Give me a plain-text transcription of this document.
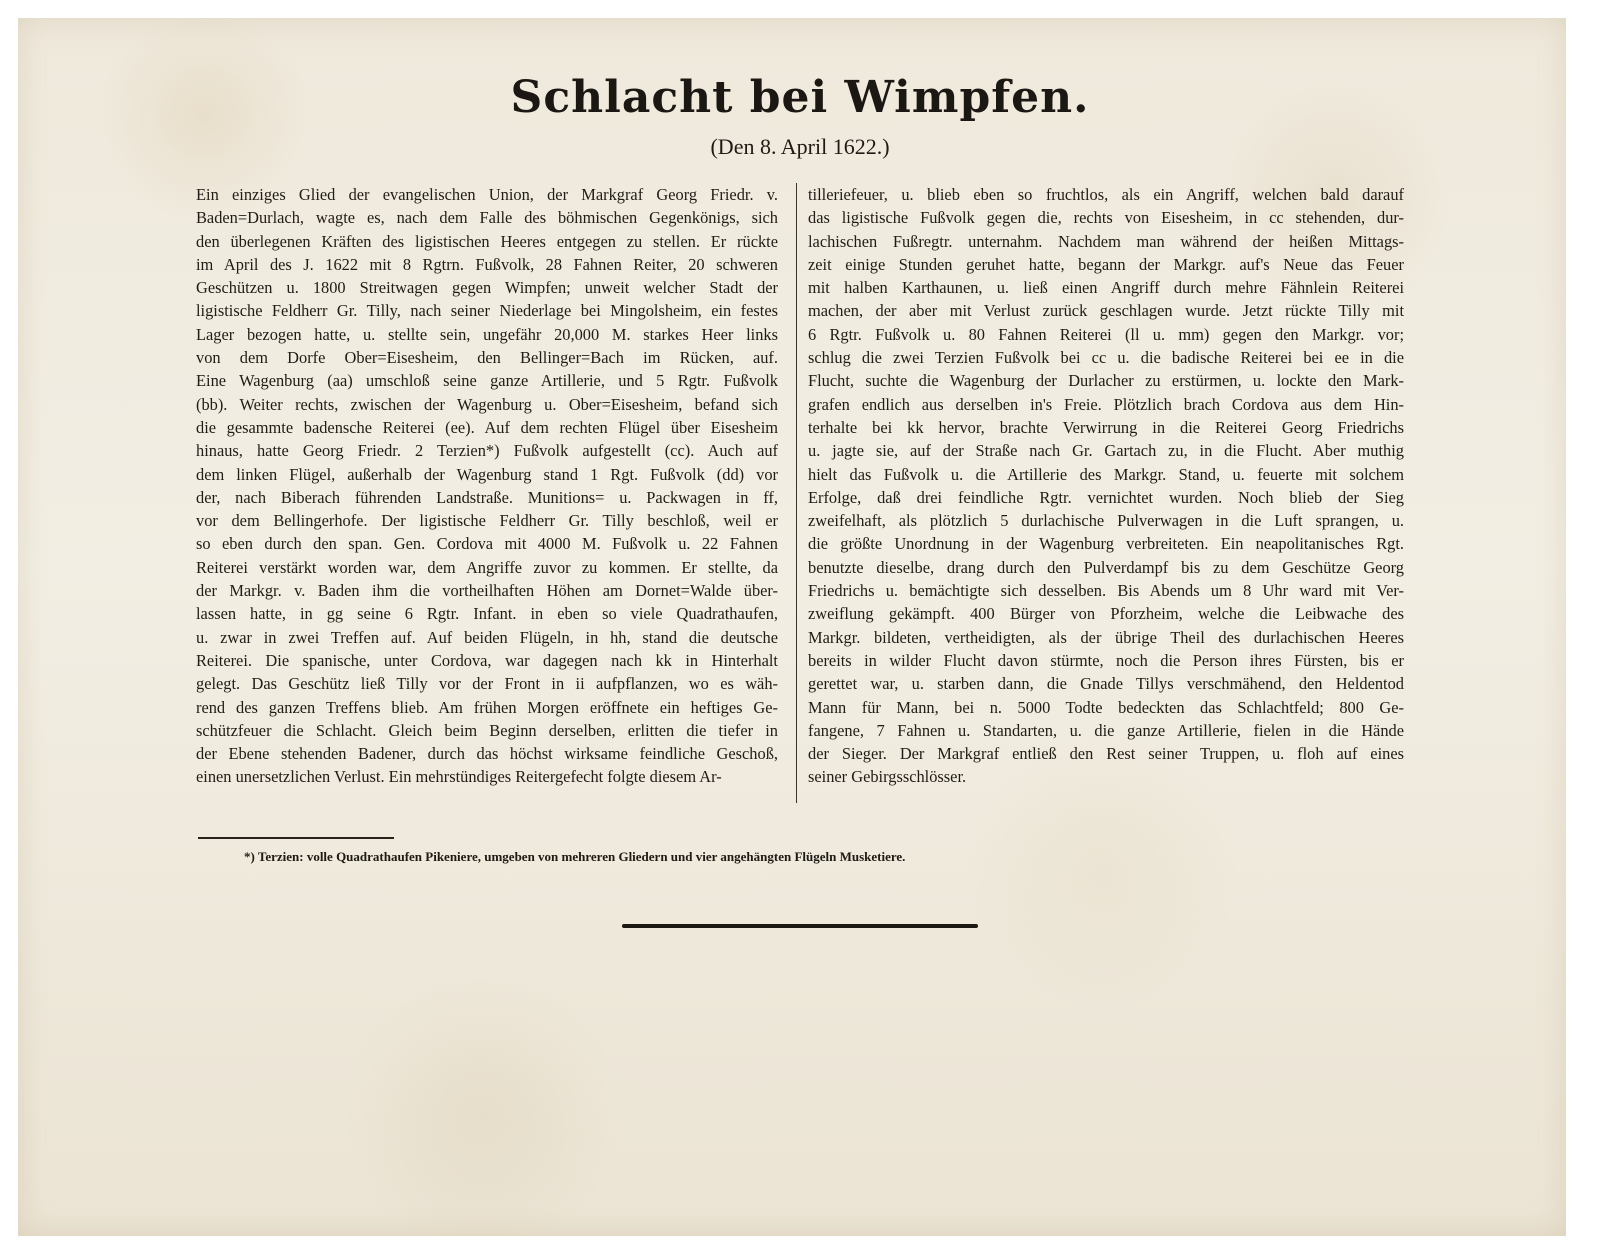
Schlacht bei Wimpfen.
(Den 8. April 1622.)
Ein einziges Glied der evangelischen Union, der Markgraf Georg Friedr. v.
Baden=Durlach, wagte es, nach dem Falle des böhmischen Gegenkönigs, sich
den überlegenen Kräften des ligistischen Heeres entgegen zu stellen. Er rückte
im April des J. 1622 mit 8 Rgtrn. Fußvolk, 28 Fahnen Reiter, 20 schweren
Geschützen u. 1800 Streitwagen gegen Wimpfen; unweit welcher Stadt der
ligistische Feldherr Gr. Tilly, nach seiner Niederlage bei Mingolsheim, ein festes
Lager bezogen hatte, u. stellte sein, ungefähr 20,000 M. starkes Heer links
von dem Dorfe Ober=Eisesheim, den Bellinger=Bach im Rücken, auf.
Eine Wagenburg (aa) umschloß seine ganze Artillerie, und 5 Rgtr. Fußvolk
(bb). Weiter rechts, zwischen der Wagenburg u. Ober=Eisesheim, befand sich
die gesammte badensche Reiterei (ee). Auf dem rechten Flügel über Eisesheim
hinaus, hatte Georg Friedr. 2 Terzien*) Fußvolk aufgestellt (cc). Auch auf
dem linken Flügel, außerhalb der Wagenburg stand 1 Rgt. Fußvolk (dd) vor
der, nach Biberach führenden Landstraße. Munitions= u. Packwagen in ff,
vor dem Bellingerhofe. Der ligistische Feldherr Gr. Tilly beschloß, weil er
so eben durch den span. Gen. Cordova mit 4000 M. Fußvolk u. 22 Fahnen
Reiterei verstärkt worden war, dem Angriffe zuvor zu kommen. Er stellte, da
der Markgr. v. Baden ihm die vortheilhaften Höhen am Dornet=Walde über-
lassen hatte, in gg seine 6 Rgtr. Infant. in eben so viele Quadrathaufen,
u. zwar in zwei Treffen auf. Auf beiden Flügeln, in hh, stand die deutsche
Reiterei. Die spanische, unter Cordova, war dagegen nach kk in Hinterhalt
gelegt. Das Geschütz ließ Tilly vor der Front in ii aufpflanzen, wo es wäh-
rend des ganzen Treffens blieb. Am frühen Morgen eröffnete ein heftiges Ge-
schützfeuer die Schlacht. Gleich beim Beginn derselben, erlitten die tiefer in
der Ebene stehenden Badener, durch das höchst wirksame feindliche Geschoß,
einen unersetzlichen Verlust. Ein mehrstündiges Reitergefecht folgte diesem Ar-
tilleriefeuer, u. blieb eben so fruchtlos, als ein Angriff, welchen bald darauf
das ligistische Fußvolk gegen die, rechts von Eisesheim, in cc stehenden, dur-
lachischen Fußregtr. unternahm. Nachdem man während der heißen Mittags-
zeit einige Stunden geruhet hatte, begann der Markgr. auf's Neue das Feuer
mit halben Karthaunen, u. ließ einen Angriff durch mehre Fähnlein Reiterei
machen, der aber mit Verlust zurück geschlagen wurde. Jetzt rückte Tilly mit
6 Rgtr. Fußvolk u. 80 Fahnen Reiterei (ll u. mm) gegen den Markgr. vor;
schlug die zwei Terzien Fußvolk bei cc u. die badische Reiterei bei ee in die
Flucht, suchte die Wagenburg der Durlacher zu erstürmen, u. lockte den Mark-
grafen endlich aus derselben in's Freie. Plötzlich brach Cordova aus dem Hin-
terhalte bei kk hervor, brachte Verwirrung in die Reiterei Georg Friedrichs
u. jagte sie, auf der Straße nach Gr. Gartach zu, in die Flucht. Aber muthig
hielt das Fußvolk u. die Artillerie des Markgr. Stand, u. feuerte mit solchem
Erfolge, daß drei feindliche Rgtr. vernichtet wurden. Noch blieb der Sieg
zweifelhaft, als plötzlich 5 durlachische Pulverwagen in die Luft sprangen, u.
die größte Unordnung in der Wagenburg verbreiteten. Ein neapolitanisches Rgt.
benutzte dieselbe, drang durch den Pulverdampf bis zu dem Geschütze Georg
Friedrichs u. bemächtigte sich desselben. Bis Abends um 8 Uhr ward mit Ver-
zweiflung gekämpft. 400 Bürger von Pforzheim, welche die Leibwache des
Markgr. bildeten, vertheidigten, als der übrige Theil des durlachischen Heeres
bereits in wilder Flucht davon stürmte, noch die Person ihres Fürsten, bis er
gerettet war, u. starben dann, die Gnade Tillys verschmähend, den Heldentod
Mann für Mann, bei n. 5000 Todte bedeckten das Schlachtfeld; 800 Ge-
fangene, 7 Fahnen u. Standarten, u. die ganze Artillerie, fielen in die Hände
der Sieger. Der Markgraf entließ den Rest seiner Truppen, u. floh auf eines
seiner Gebirgsschlösser.
*) Terzien: volle Quadrathaufen Pikeniere, umgeben von mehreren Gliedern und vier angehängten Flügeln Musketiere.
